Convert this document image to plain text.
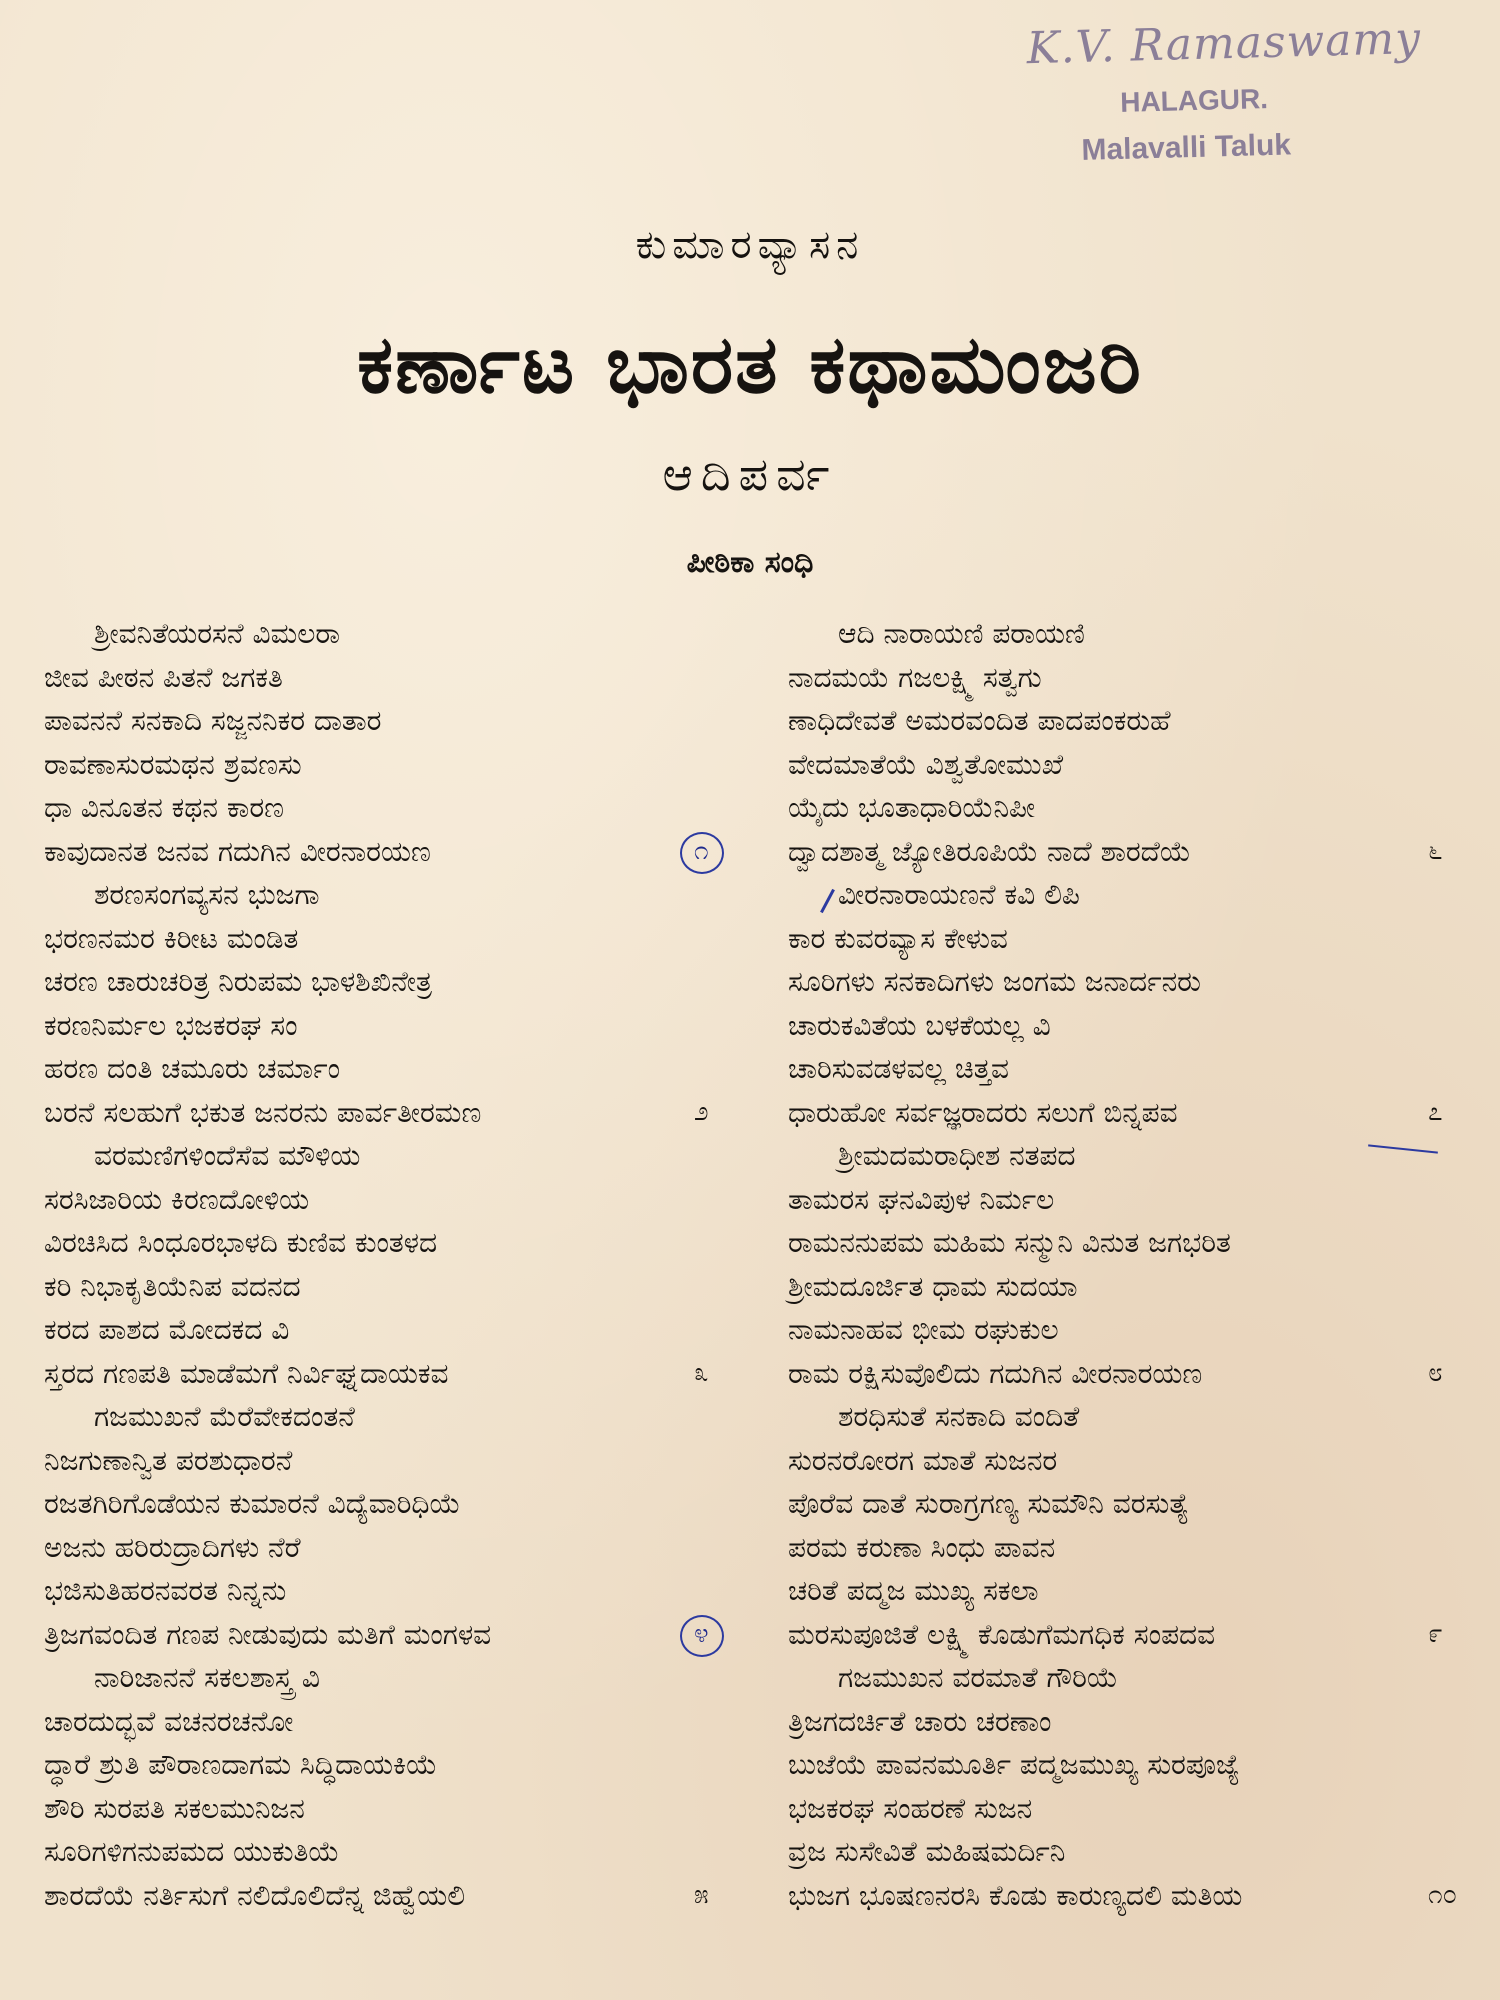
K.V. Ramaswamy
HALAGUR.
Malavalli Taluk
ಕುಮಾರವ್ಯಾಸನ
ಕರ್ಣಾಟ ಭಾರತ ಕಥಾಮಂಜರಿ
ಆದಿಪರ್ವ
ಪೀಠಿಕಾ ಸಂಧಿ
ಶ್ರೀವನಿತೆಯರಸನೆ ವಿಮಲರಾ
ಜೀವ ಪೀಠನ ಪಿತನೆ ಜಗಕತಿ
ಪಾವನನೆ ಸನಕಾದಿ ಸಜ್ಜನನಿಕರ ದಾತಾರ
ರಾವಣಾಸುರಮಥನ ಶ್ರವಣಸು
ಧಾ ವಿನೂತನ ಕಥನ ಕಾರಣ
ಕಾವುದಾನತ ಜನವ ಗದುಗಿನ ವೀರನಾರಯಣ	೧
ಶರಣಸಂಗವ್ಯಸನ ಭುಜಗಾ
ಭರಣನಮರ ಕಿರೀಟ ಮಂಡಿತ
ಚರಣ ಚಾರುಚರಿತ್ರ ನಿರುಪಮ ಭಾಳಶಿಖಿನೇತ್ರ
ಕರಣನಿರ್ಮಲ ಭಜಕರಘ ಸಂ
ಹರಣ ದಂತಿ ಚಮೂರು ಚರ್ಮಾಂ
ಬರನೆ ಸಲಹುಗೆ ಭಕುತ ಜನರನು ಪಾರ್ವತೀರಮಣ	೨
ವರಮಣಿಗಳಿಂದೆಸೆವ ಮೌಳಿಯ
ಸರಸಿಜಾರಿಯ ಕಿರಣದೋಳಿಯ
ವಿರಚಿಸಿದ ಸಿಂಧೂರಭಾಳದಿ ಕುಣಿವ ಕುಂತಳದ
ಕರಿ ನಿಭಾಕೃತಿಯೆನಿಪ ವದನದ
ಕರದ ಪಾಶದ ಮೋದಕದ ವಿ
ಸ್ತರದ ಗಣಪತಿ ಮಾಡೆಮಗೆ ನಿರ್ವಿಘ್ನದಾಯಕವ	೩
ಗಜಮುಖನೆ ಮೆರೆವೇಕದಂತನೆ
ನಿಜಗುಣಾನ್ವಿತ ಪರಶುಧಾರನೆ
ರಜತಗಿರಿಗೊಡೆಯನ ಕುಮಾರನೆ ವಿದ್ಯೆವಾರಿಧಿಯೆ
ಅಜನು ಹರಿರುದ್ರಾದಿಗಳು ನೆರೆ
ಭಜಿಸುತಿಹರನವರತ ನಿನ್ನನು
ತ್ರಿಜಗವಂದಿತ ಗಣಪ ನೀಡುವುದು ಮತಿಗೆ ಮಂಗಳವ	೪
ನಾರಿಜಾನನೆ ಸಕಲಶಾಸ್ತ್ರ ವಿ
ಚಾರದುದ್ಭವೆ ವಚನರಚನೋ
ದ್ಧಾರೆ ಶ್ರುತಿ ಪೌರಾಣದಾಗಮ ಸಿದ್ಧಿದಾಯಕಿಯೆ
ಶೌರಿ ಸುರಪತಿ ಸಕಲಮುನಿಜನ
ಸೂರಿಗಳಿಗನುಪಮದ ಯುಕುತಿಯೆ
ಶಾರದೆಯೆ ನರ್ತಿಸುಗೆ ನಲಿದೊಲಿದೆನ್ನ ಜಿಹ್ವೆಯಲಿ	೫
ಆದಿ ನಾರಾಯಣಿ ಪರಾಯಣಿ
ನಾದಮಯೆ ಗಜಲಕ್ಷ್ಮಿ ಸತ್ವಗು
ಣಾಧಿದೇವತೆ ಅಮರವಂದಿತ ಪಾದಪಂಕರುಹೆ
ವೇದಮಾತೆಯೆ ವಿಶ್ವತೋಮುಖೆ
ಯೈದು ಭೂತಾಧಾರಿಯೆನಿಪೀ
ದ್ವಾದಶಾತ್ಮ ಜ್ಯೋತಿರೂಪಿಯೆ ನಾದೆ ಶಾರದೆಯೆ	೬
ವೀರನಾರಾಯಣನೆ ಕವಿ ಲಿಪಿ
ಕಾರ ಕುವರವ್ಯಾಸ ಕೇಳುವ
ಸೂರಿಗಳು ಸನಕಾದಿಗಳು ಜಂಗಮ ಜನಾರ್ದನರು
ಚಾರುಕವಿತೆಯ ಬಳಕೆಯಲ್ಲ ವಿ
ಚಾರಿಸುವಡಳವಲ್ಲ ಚಿತ್ತವ
ಧಾರುಹೋ ಸರ್ವಜ್ಞರಾದರು ಸಲುಗೆ ಬಿನ್ನಪವ	೭
ಶ್ರೀಮದಮರಾಧೀಶ ನತಪದ
ತಾಮರಸ ಘನವಿಪುಳ ನಿರ್ಮಲ
ರಾಮನನುಪಮ ಮಹಿಮ ಸನ್ಮುನಿ ವಿನುತ ಜಗಭರಿತ
ಶ್ರೀಮದೂರ್ಜಿತ ಧಾಮ ಸುದಯಾ
ನಾಮನಾಹವ ಭೀಮ ರಘುಕುಲ
ರಾಮ ರಕ್ಷಿಸುವೊಲಿದು ಗದುಗಿನ ವೀರನಾರಯಣ	೮
ಶರಧಿಸುತೆ ಸನಕಾದಿ ವಂದಿತೆ
ಸುರನರೋರಗ ಮಾತೆ ಸುಜನರ
ಪೊರೆವ ದಾತೆ ಸುರಾಗ್ರಗಣ್ಯ ಸುಮೌನಿ ವರಸುತ್ಯೆ
ಪರಮ ಕರುಣಾ ಸಿಂಧು ಪಾವನ
ಚರಿತೆ ಪದ್ಮಜ ಮುಖ್ಯ ಸಕಲಾ
ಮರಸುಪೂಜಿತೆ ಲಕ್ಷ್ಮಿ ಕೊಡುಗೆಮಗಧಿಕ ಸಂಪದವ	೯
ಗಜಮುಖನ ವರಮಾತೆ ಗೌರಿಯೆ
ತ್ರಿಜಗದರ್ಚಿತೆ ಚಾರು ಚರಣಾಂ
ಬುಜೆಯೆ ಪಾವನಮೂರ್ತಿ ಪದ್ಮಜಮುಖ್ಯ ಸುರಪೂಜ್ಯೆ
ಭಜಕರಘ ಸಂಹರಣೆ ಸುಜನ
ವ್ರಜ ಸುಸೇವಿತೆ ಮಹಿಷಮರ್ದಿನಿ
ಭುಜಗ ಭೂಷಣನರಸಿ ಕೊಡು ಕಾರುಣ್ಯದಲಿ ಮತಿಯ	೧೦
